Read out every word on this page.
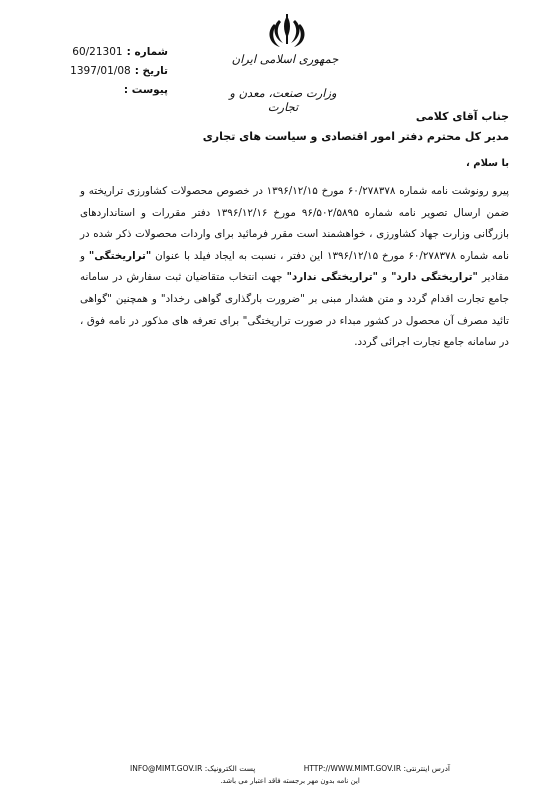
جمهوری اسلامی ایران
وزارت صنعت، معدن و تجارت
شماره :
60/21301
تاریخ :
1397/01/08
پیوست :
جناب آقای کلامی
مدیر کل محترم دفتر امور اقتصادی و سیاست های تجاری
با سلام ،
پیرو رونوشت نامه شماره ۶۰/۲۷۸۳۷۸ مورخ ۱۳۹۶/۱۲/۱۵ در خصوص محصولات کشاورزی تراریخته و ضمن ارسال تصویر نامه شماره ۹۶/۵۰۲/۵۸۹۵ مورخ ۱۳۹۶/۱۲/۱۶ دفتر مقررات و استانداردهای بازرگانی وزارت جهاد کشاورزی ، خواهشمند است مقرر فرمائید برای واردات محصولات ذکر شده در نامه شماره ۶۰/۲۷۸۳۷۸ مورخ ۱۳۹۶/۱۲/۱۵ این دفتر ، نسبت به ایجاد فیلد با عنوان "تراریختگی" و مقادیر "تراریختگی دارد" و "تراریختگی ندارد" جهت انتخاب متقاضیان ثبت سفارش در سامانه جامع تجارت اقدام گردد و متن هشدار مبنی بر "ضرورت بارگذاری گواهی رخداد" و همچنین "گواهی تائید مصرف آن محصول در کشور مبداء در صورت تراریختگی" برای تعرفه های مذکور در نامه فوق ، در سامانه جامع تجارت اجرائی گردد.
آدرس اینترنتی: HTTP://WWW.MIMT.GOV.IR
پست الکترونیک: INFO@MIMT.GOV.IR
این نامه بدون مهر برجسته فاقد اعتبار می باشد.
